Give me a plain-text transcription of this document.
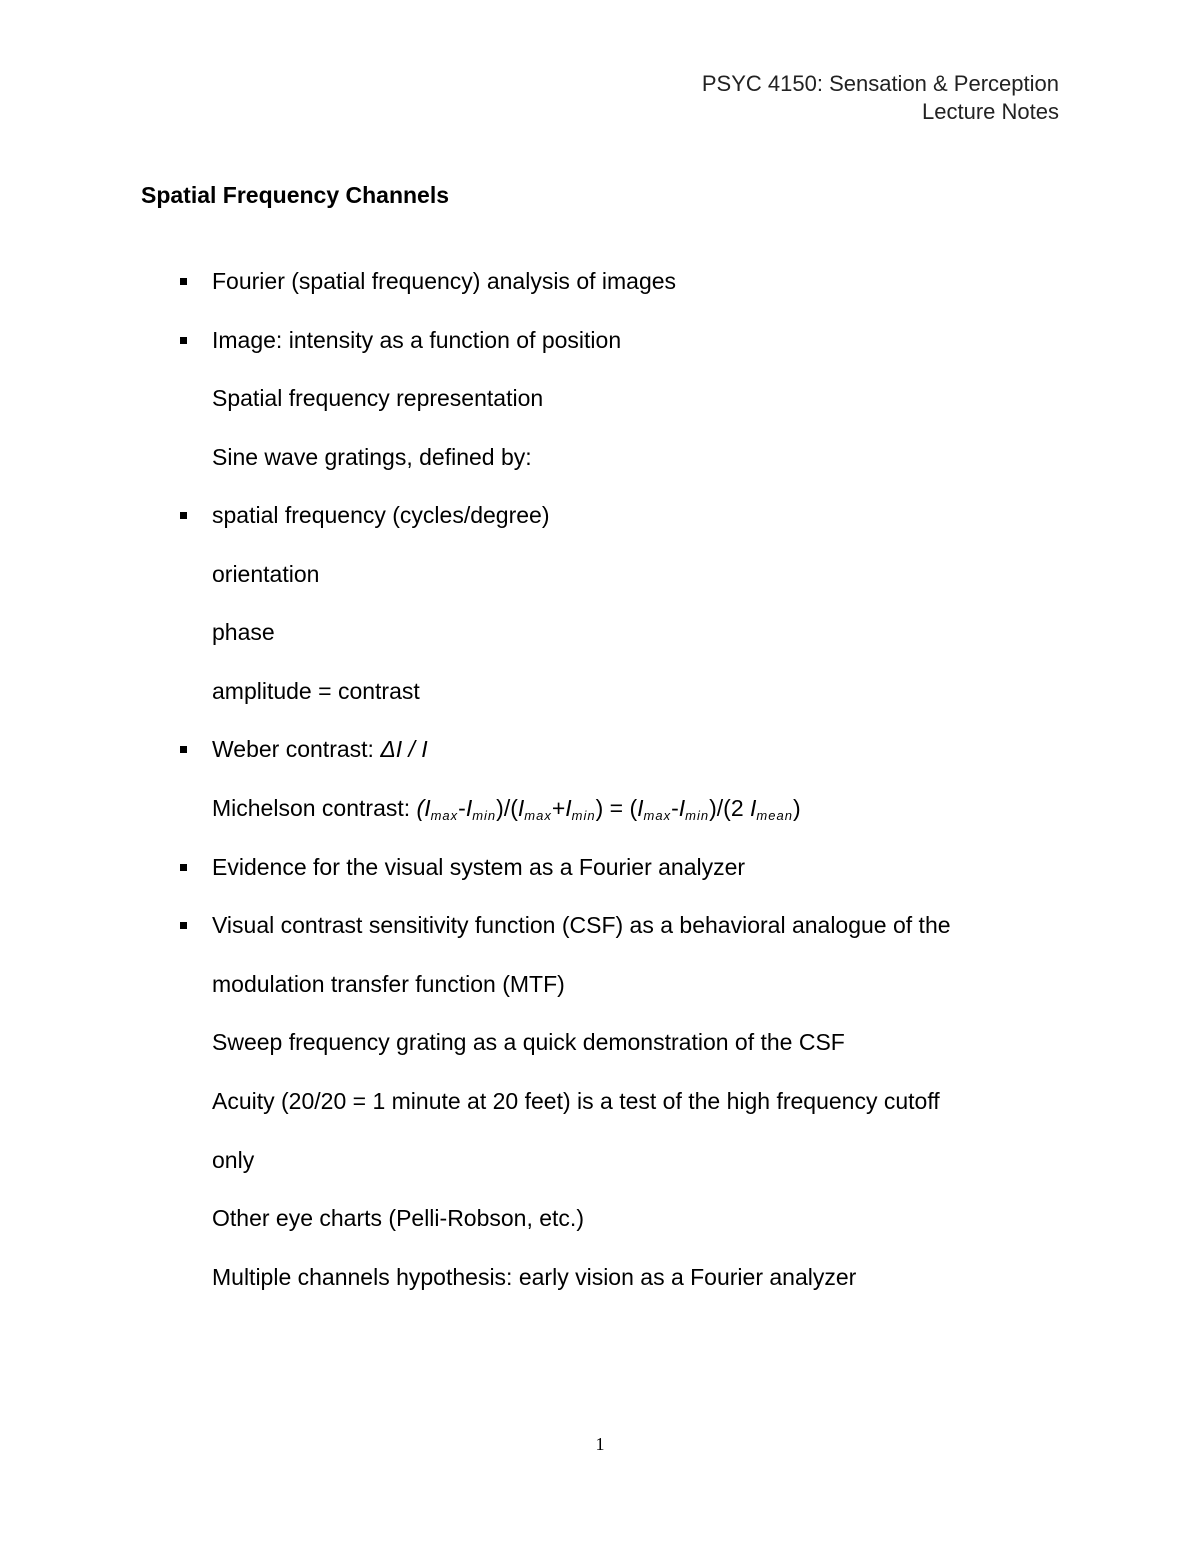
PSYC 4150: Sensation & Perception
Lecture Notes
Spatial Frequency Channels
Fourier (spatial frequency) analysis of images
Image: intensity as a function of position
Spatial frequency representation
Sine wave gratings, defined by:
spatial frequency (cycles/degree)
orientation
phase
amplitude = contrast
Weber contrast: ΔI / I
Michelson contrast: $(I_{max}-I_{min})/(I_{max}+I_{min}) = (I_{max}-I_{min})/(2$ $I_{mean}$)
Evidence for the visual system as a Fourier analyzer
Visual contrast sensitivity function (CSF) as a behavioral analogue of the
modulation transfer function (MTF)
Sweep frequency grating as a quick demonstration of the CSF
Acuity (20/20 = 1 minute at 20 feet) is a test of the high frequency cutoff
only
Other eye charts (Pelli-Robson, etc.)
Multiple channels hypothesis: early vision as a Fourier analyzer
1
